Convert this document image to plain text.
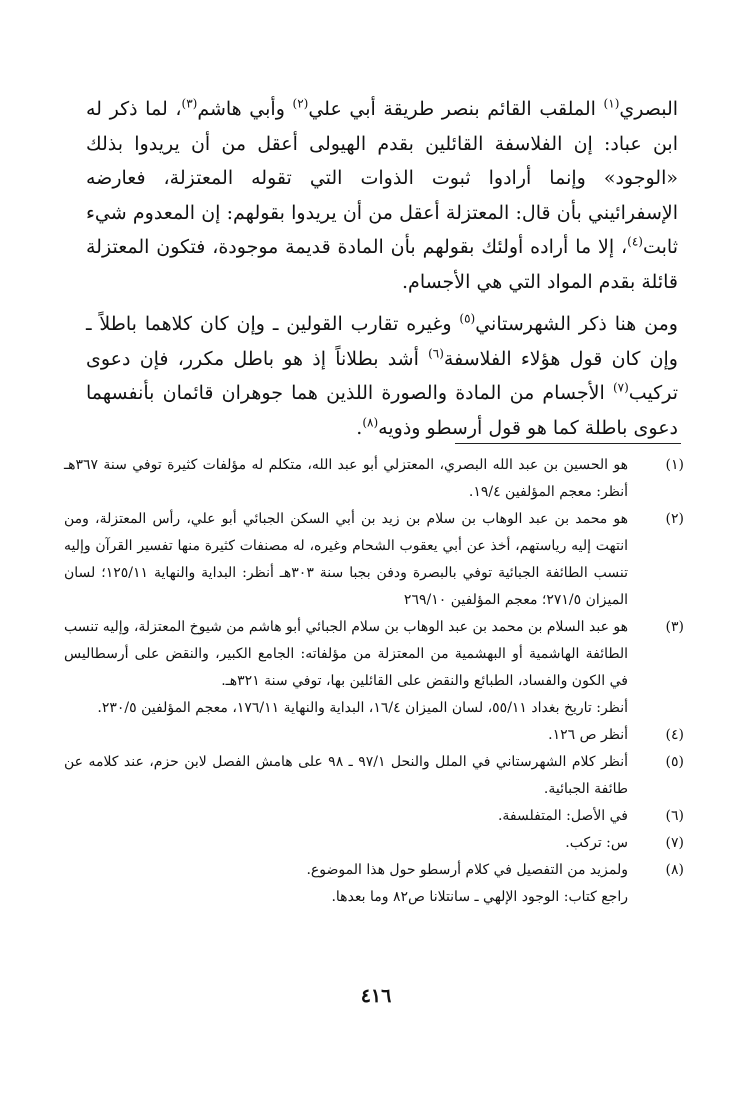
البصري$^{(١)}$ الملقب القائم بنصر طريقة أبي علي$^{(٢)}$ وأبي هاشم$^{(٣)}$، لما ذكر له ابن عباد: إن الفلاسفة القائلين بقدم الهيولى أعقل من أن يريدوا بذلك «الوجود» وإنما أرادوا ثبوت الذوات التي تقوله المعتزلة، فعارضه الإسفرائيني بأن قال: المعتزلة أعقل من أن يريدوا بقولهم: إن المعدوم شيء ثابت$^{(٤)}$، إلا ما أراده أولئك بقولهم بأن المادة قديمة موجودة، فتكون المعتزلة قائلة بقدم المواد التي هي الأجسام.

ومن هنا ذكر الشهرستاني$^{(٥)}$ وغيره تقارب القولين ـ وإن كان كلاهما باطلاً ـ وإن كان قول هؤلاء الفلاسفة$^{(٦)}$ أشد بطلاناً إذ هو باطل مكرر، فإن دعوى تركيب$^{(٧)}$ الأجسام من المادة والصورة اللذين هما جوهران قائمان بأنفسهما دعوى باطلة كما هو قول أرسطو وذويه$^{(٨)}$.

(١)
هو الحسين بن عبد الله البصري، المعتزلي أبو عبد الله، متكلم له مؤلفات كثيرة توفي سنة ٣٦٧هـ أنظر: معجم المؤلفين ١٩/٤.
(٢)
هو محمد بن عبد الوهاب بن سلام بن زيد بن أبي السكن الجبائي أبو علي، رأس المعتزلة، ومن انتهت إليه رياستهم، أخذ عن أبي يعقوب الشحام وغيره، له مصنفات كثيرة منها تفسير القرآن وإليه تنسب الطائفة الجبائية توفي بالبصرة ودفن بجبا سنة ٣٠٣هـ أنظر: البداية والنهاية ١٢٥/١١؛ لسان الميزان ٢٧١/٥؛ معجم المؤلفين ٢٦٩/١٠
(٣)
هو عبد السلام بن محمد بن عبد الوهاب بن سلام الجبائي أبو هاشم من شيوخ المعتزلة، وإليه تنسب الطائفة الهاشمية أو البهشمية من المعتزلة من مؤلفاته: الجامع الكبير، والنقض على أرسطاليس في الكون والفساد، الطبائع والنقض على القائلين بها، توفي سنة ٣٢١هـ.
أنظر: تاريخ بغداد ٥٥/١١، لسان الميزان ١٦/٤، البداية والنهاية ١٧٦/١١، معجم المؤلفين ٢٣٠/٥.
(٤)
أنظر ص ١٢٦.
(٥)
أنظر كلام الشهرستاني في الملل والنحل ٩٧/١ ـ ٩٨ على هامش الفصل لابن حزم، عند كلامه عن طائفة الجبائية.
(٦)
في الأصل: المتفلسفة.
(٧)
س: تركب.
(٨)
ولمزيد من التفصيل في كلام أرسطو حول هذا الموضوع.
راجع كتاب: الوجود الإلهي ـ سانتلانا ص٨٢ وما بعدها.
٤١٦
